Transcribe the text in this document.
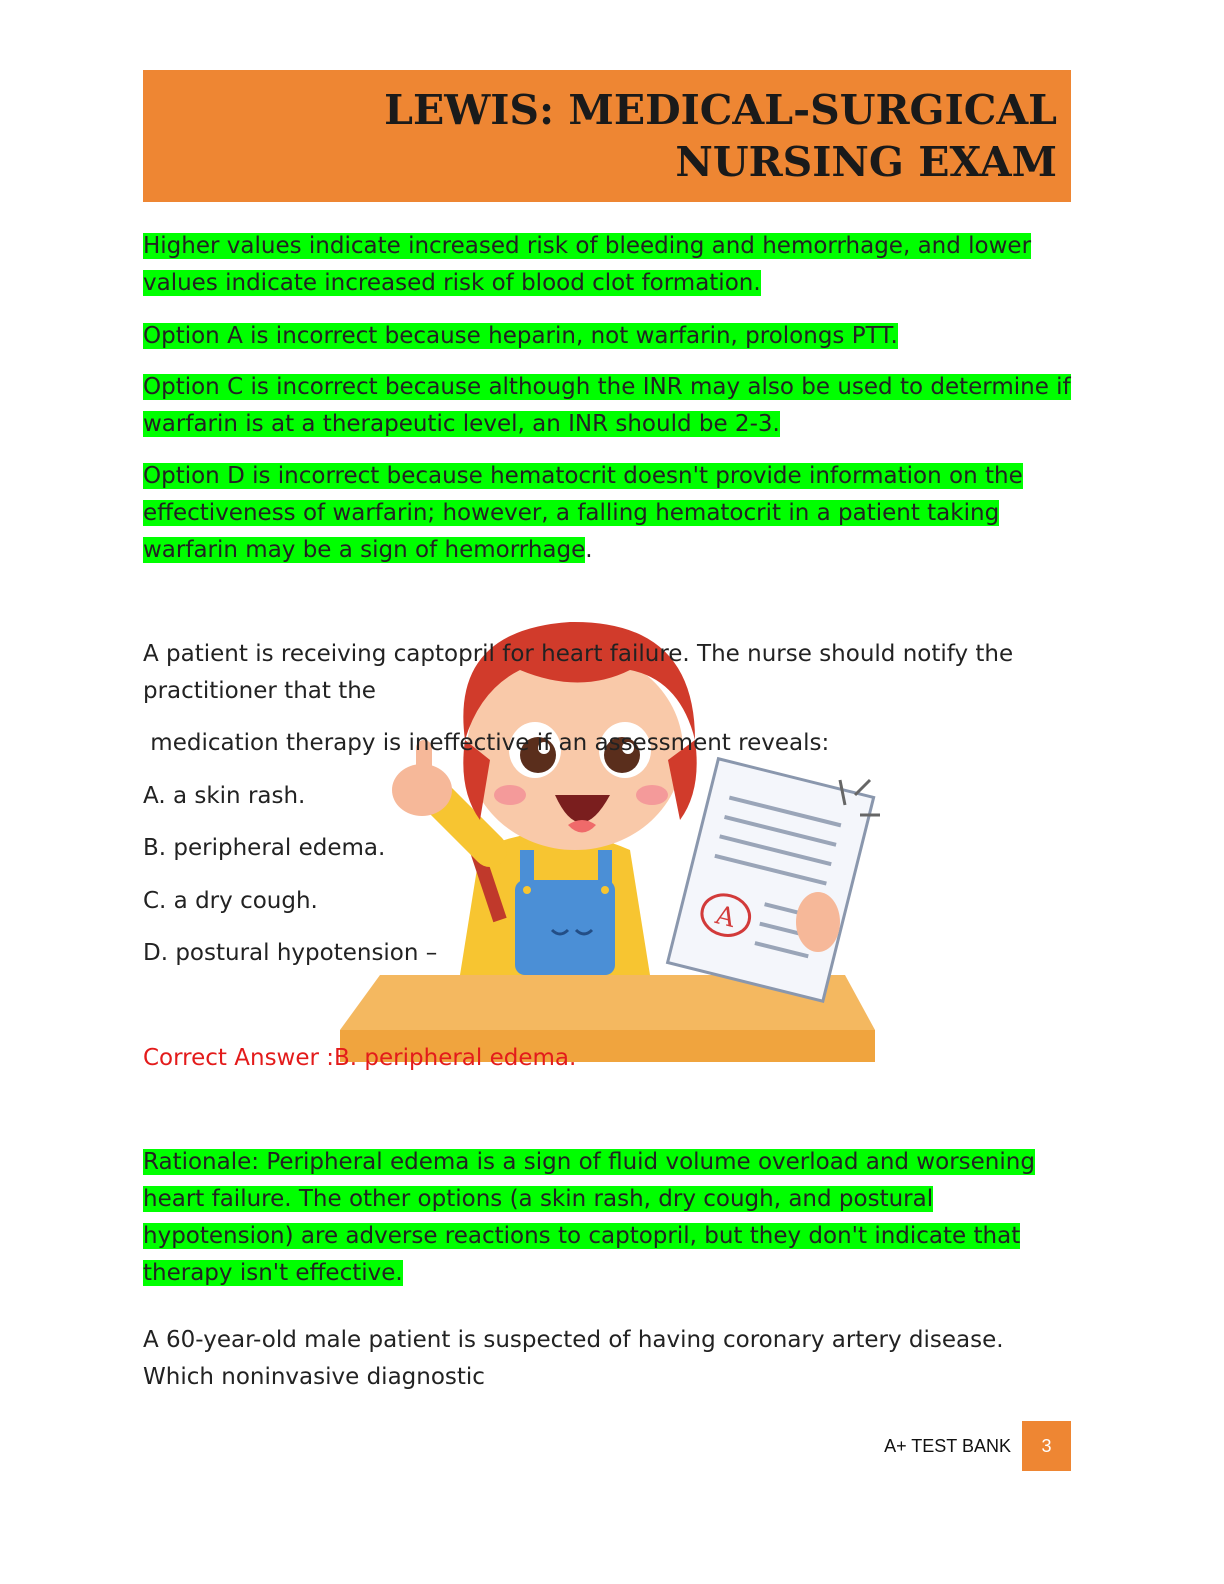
LEWIS: MEDICAL-SURGICAL
NURSING EXAM
A

Higher values indicate increased risk of bleeding and hemorrhage, and lower values indicate increased risk of blood clot formation.

Option A is incorrect because heparin, not warfarin, prolongs PTT.

Option C is incorrect because although the INR may also be used to determine if warfarin is at a therapeutic level, an INR should be 2-3.

Option D is incorrect because hematocrit doesn't provide information on the effectiveness of warfarin; however, a falling hematocrit in a patient taking warfarin may be a sign of hemorrhage.

A patient is receiving captopril for heart failure. The nurse should notify the practitioner that the

medication therapy is ineffective if an assessment reveals:

A. a skin rash.

B. peripheral edema.

C. a dry cough.

D. postural hypotension –

Correct Answer :B. peripheral edema.

Rationale: Peripheral edema is a sign of fluid volume overload and worsening heart failure. The other options (a skin rash, dry cough, and postural hypotension) are adverse reactions to captopril, but they don't indicate that therapy isn't effective.

A 60-year-old male patient is suspected of having coronary artery disease. Which noninvasive diagnostic

A+ TEST BANK	3
